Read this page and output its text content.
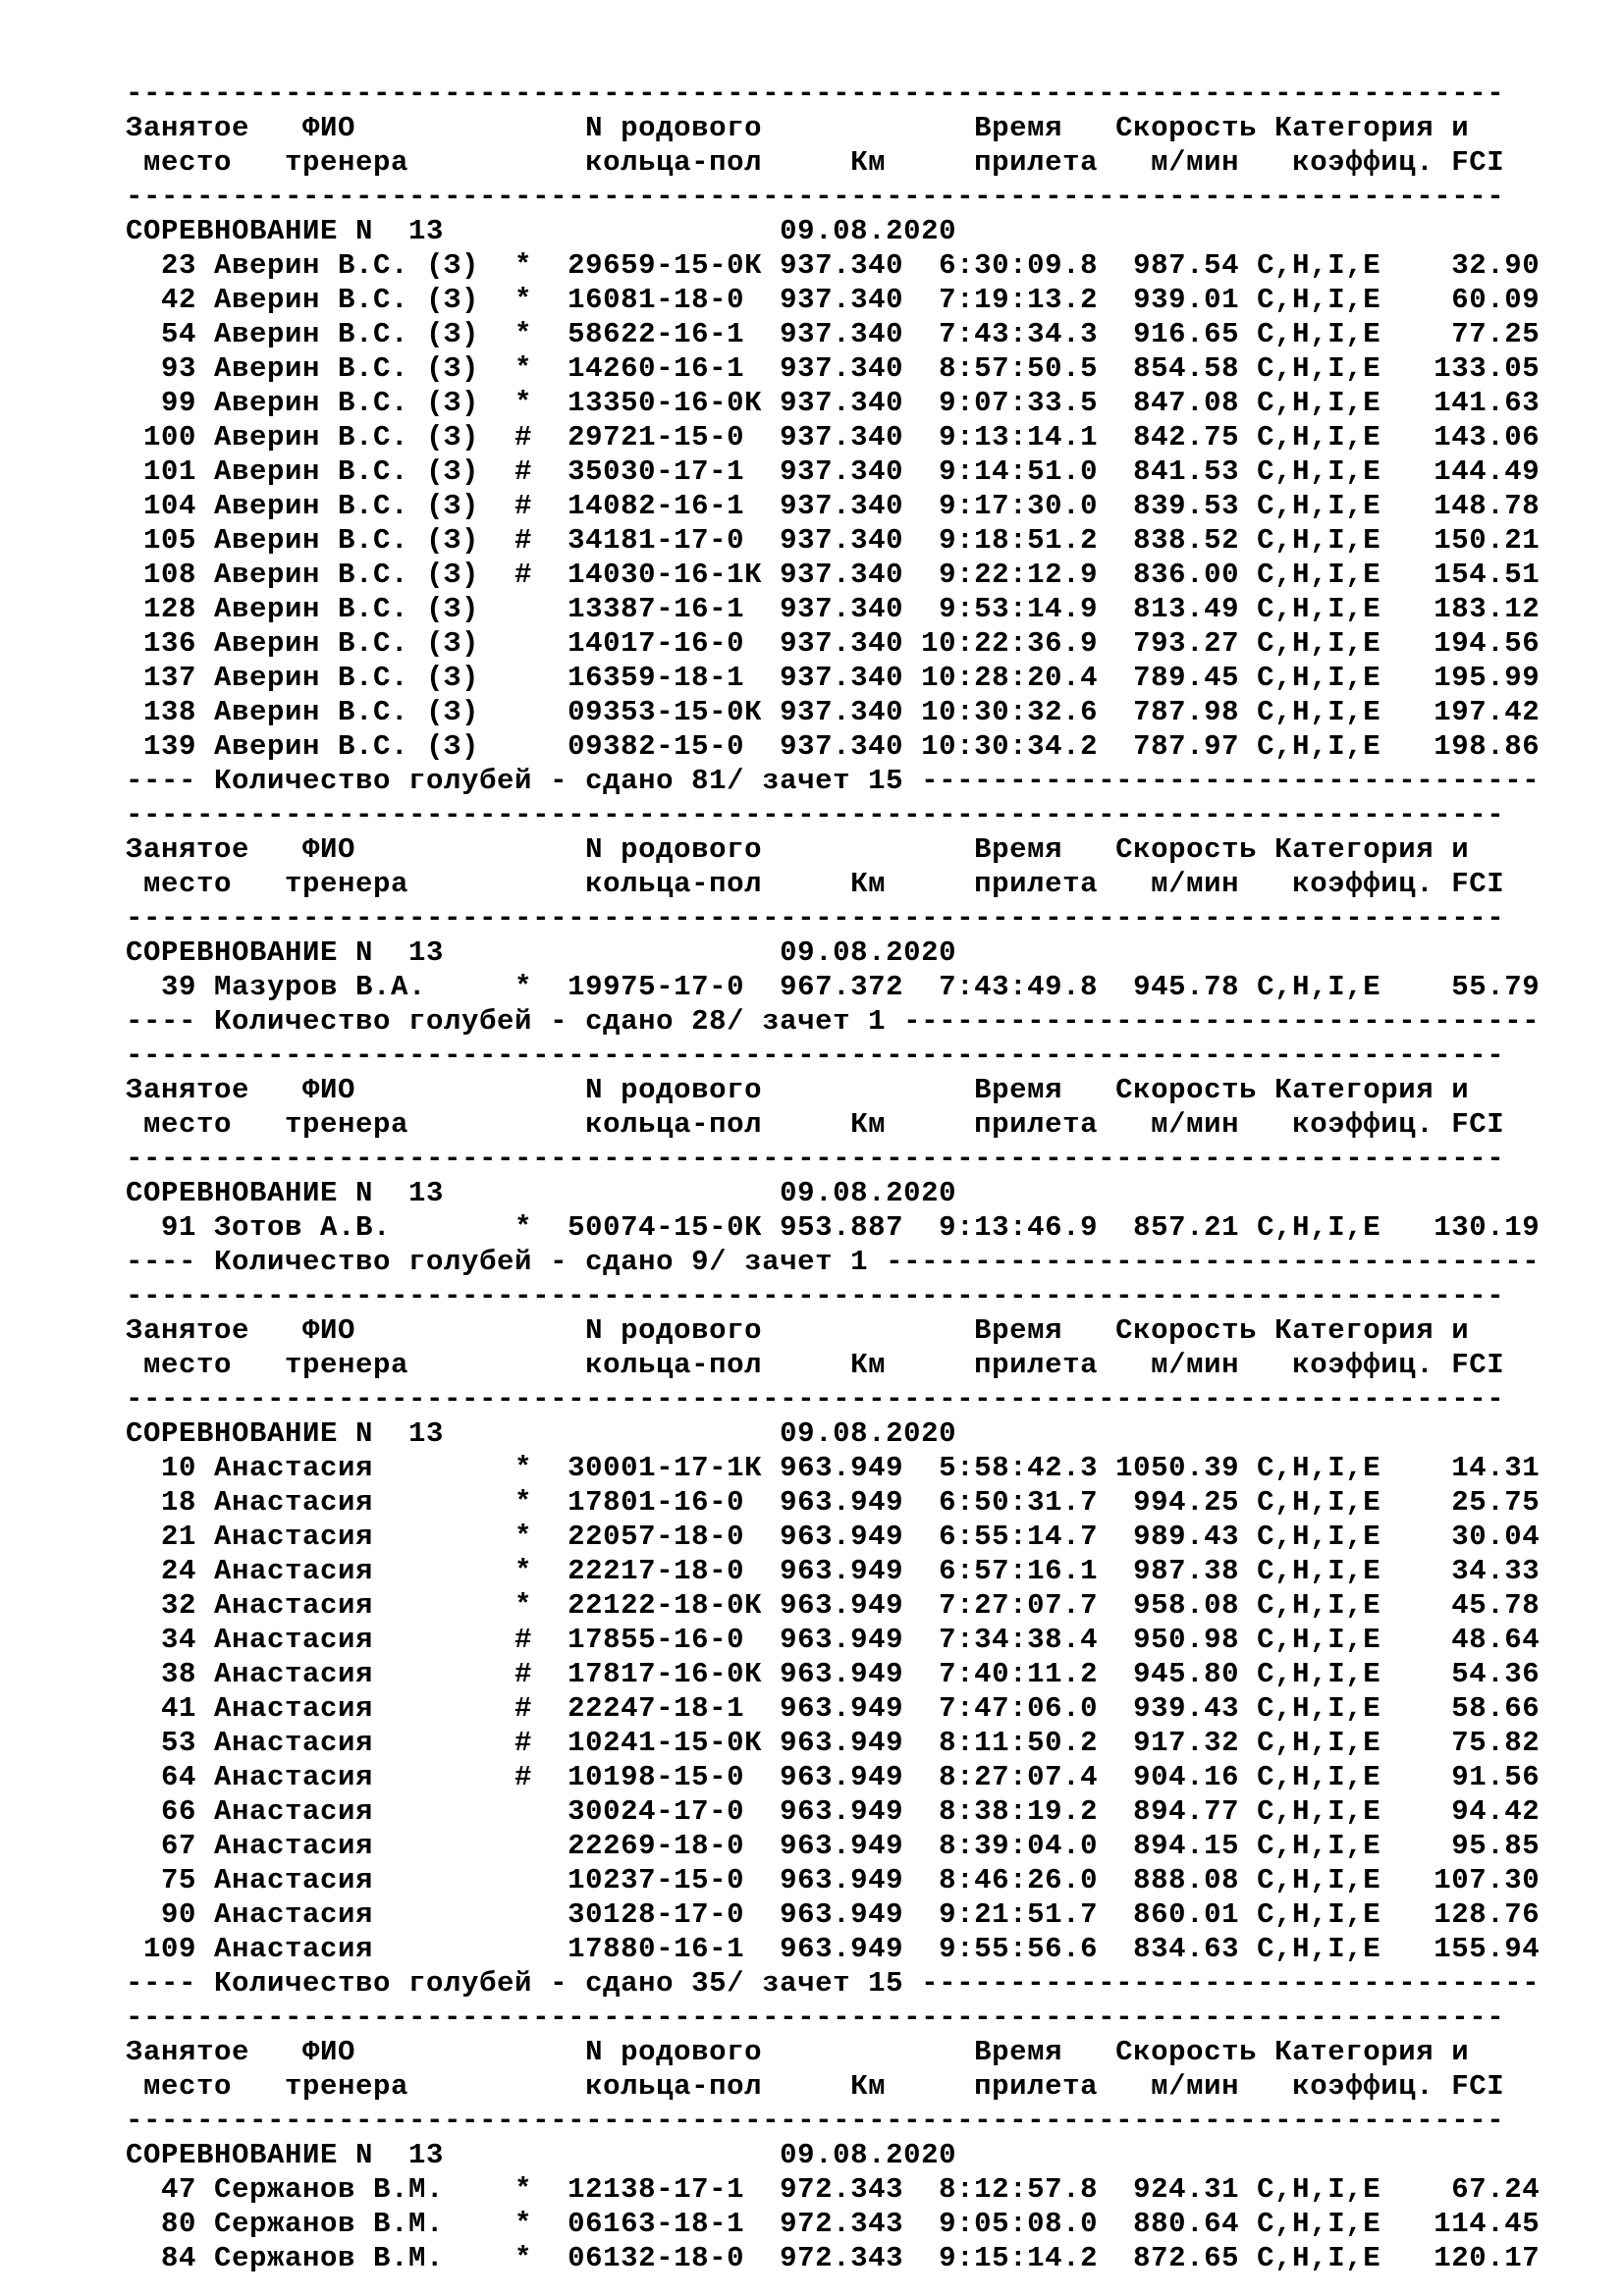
------------------------------------------------------------------------------
Занятое   ФИО             N родового            Время   Скорость Категория и
место   тренера          кольца-пол     Км     прилета   м/мин   коэффиц. FCI
------------------------------------------------------------------------------
СОРЕВНОВАНИЕ N  13                   09.08.2020
23 Аверин В.С. (З)  *  29659-15-0К 937.340  6:30:09.8  987.54 C,H,I,E    32.90
42 Аверин В.С. (З)  *  16081-18-0  937.340  7:19:13.2  939.01 C,H,I,E    60.09
54 Аверин В.С. (З)  *  58622-16-1  937.340  7:43:34.3  916.65 C,H,I,E    77.25
93 Аверин В.С. (З)  *  14260-16-1  937.340  8:57:50.5  854.58 C,H,I,E   133.05
99 Аверин В.С. (З)  *  13350-16-0К 937.340  9:07:33.5  847.08 C,H,I,E   141.63
100 Аверин В.С. (З)  #  29721-15-0  937.340  9:13:14.1  842.75 C,H,I,E   143.06
101 Аверин В.С. (З)  #  35030-17-1  937.340  9:14:51.0  841.53 C,H,I,E   144.49
104 Аверин В.С. (З)  #  14082-16-1  937.340  9:17:30.0  839.53 C,H,I,E   148.78
105 Аверин В.С. (З)  #  34181-17-0  937.340  9:18:51.2  838.52 C,H,I,E   150.21
108 Аверин В.С. (З)  #  14030-16-1К 937.340  9:22:12.9  836.00 C,H,I,E   154.51
128 Аверин В.С. (З)     13387-16-1  937.340  9:53:14.9  813.49 C,H,I,E   183.12
136 Аверин В.С. (З)     14017-16-0  937.340 10:22:36.9  793.27 C,H,I,E   194.56
137 Аверин В.С. (З)     16359-18-1  937.340 10:28:20.4  789.45 C,H,I,E   195.99
138 Аверин В.С. (З)     09353-15-0К 937.340 10:30:32.6  787.98 C,H,I,E   197.42
139 Аверин В.С. (З)     09382-15-0  937.340 10:30:34.2  787.97 C,H,I,E   198.86
---- Количество голубей - сдано 81/ зачет 15 -----------------------------------
------------------------------------------------------------------------------
Занятое   ФИО             N родового            Время   Скорость Категория и
место   тренера          кольца-пол     Км     прилета   м/мин   коэффиц. FCI
------------------------------------------------------------------------------
СОРЕВНОВАНИЕ N  13                   09.08.2020
39 Мазуров В.А.     *  19975-17-0  967.372  7:43:49.8  945.78 C,H,I,E    55.79
---- Количество голубей - сдано 28/ зачет 1 ------------------------------------
------------------------------------------------------------------------------
Занятое   ФИО             N родового            Время   Скорость Категория и
место   тренера          кольца-пол     Км     прилета   м/мин   коэффиц. FCI
------------------------------------------------------------------------------
СОРЕВНОВАНИЕ N  13                   09.08.2020
91 Зотов А.В.       *  50074-15-0К 953.887  9:13:46.9  857.21 C,H,I,E   130.19
---- Количество голубей - сдано 9/ зачет 1 -------------------------------------
------------------------------------------------------------------------------
Занятое   ФИО             N родового            Время   Скорость Категория и
место   тренера          кольца-пол     Км     прилета   м/мин   коэффиц. FCI
------------------------------------------------------------------------------
СОРЕВНОВАНИЕ N  13                   09.08.2020
10 Анастасия        *  30001-17-1К 963.949  5:58:42.3 1050.39 C,H,I,E    14.31
18 Анастасия        *  17801-16-0  963.949  6:50:31.7  994.25 C,H,I,E    25.75
21 Анастасия        *  22057-18-0  963.949  6:55:14.7  989.43 C,H,I,E    30.04
24 Анастасия        *  22217-18-0  963.949  6:57:16.1  987.38 C,H,I,E    34.33
32 Анастасия        *  22122-18-0К 963.949  7:27:07.7  958.08 C,H,I,E    45.78
34 Анастасия        #  17855-16-0  963.949  7:34:38.4  950.98 C,H,I,E    48.64
38 Анастасия        #  17817-16-0К 963.949  7:40:11.2  945.80 C,H,I,E    54.36
41 Анастасия        #  22247-18-1  963.949  7:47:06.0  939.43 C,H,I,E    58.66
53 Анастасия        #  10241-15-0К 963.949  8:11:50.2  917.32 C,H,I,E    75.82
64 Анастасия        #  10198-15-0  963.949  8:27:07.4  904.16 C,H,I,E    91.56
66 Анастасия           30024-17-0  963.949  8:38:19.2  894.77 C,H,I,E    94.42
67 Анастасия           22269-18-0  963.949  8:39:04.0  894.15 C,H,I,E    95.85
75 Анастасия           10237-15-0  963.949  8:46:26.0  888.08 C,H,I,E   107.30
90 Анастасия           30128-17-0  963.949  9:21:51.7  860.01 C,H,I,E   128.76
109 Анастасия           17880-16-1  963.949  9:55:56.6  834.63 C,H,I,E   155.94
---- Количество голубей - сдано 35/ зачет 15 -----------------------------------
------------------------------------------------------------------------------
Занятое   ФИО             N родового            Время   Скорость Категория и
место   тренера          кольца-пол     Км     прилета   м/мин   коэффиц. FCI
------------------------------------------------------------------------------
СОРЕВНОВАНИЕ N  13                   09.08.2020
47 Сержанов В.М.    *  12138-17-1  972.343  8:12:57.8  924.31 C,H,I,E    67.24
80 Сержанов В.М.    *  06163-18-1  972.343  9:05:08.0  880.64 C,H,I,E   114.45
84 Сержанов В.М.    *  06132-18-0  972.343  9:15:14.2  872.65 C,H,I,E   120.17
